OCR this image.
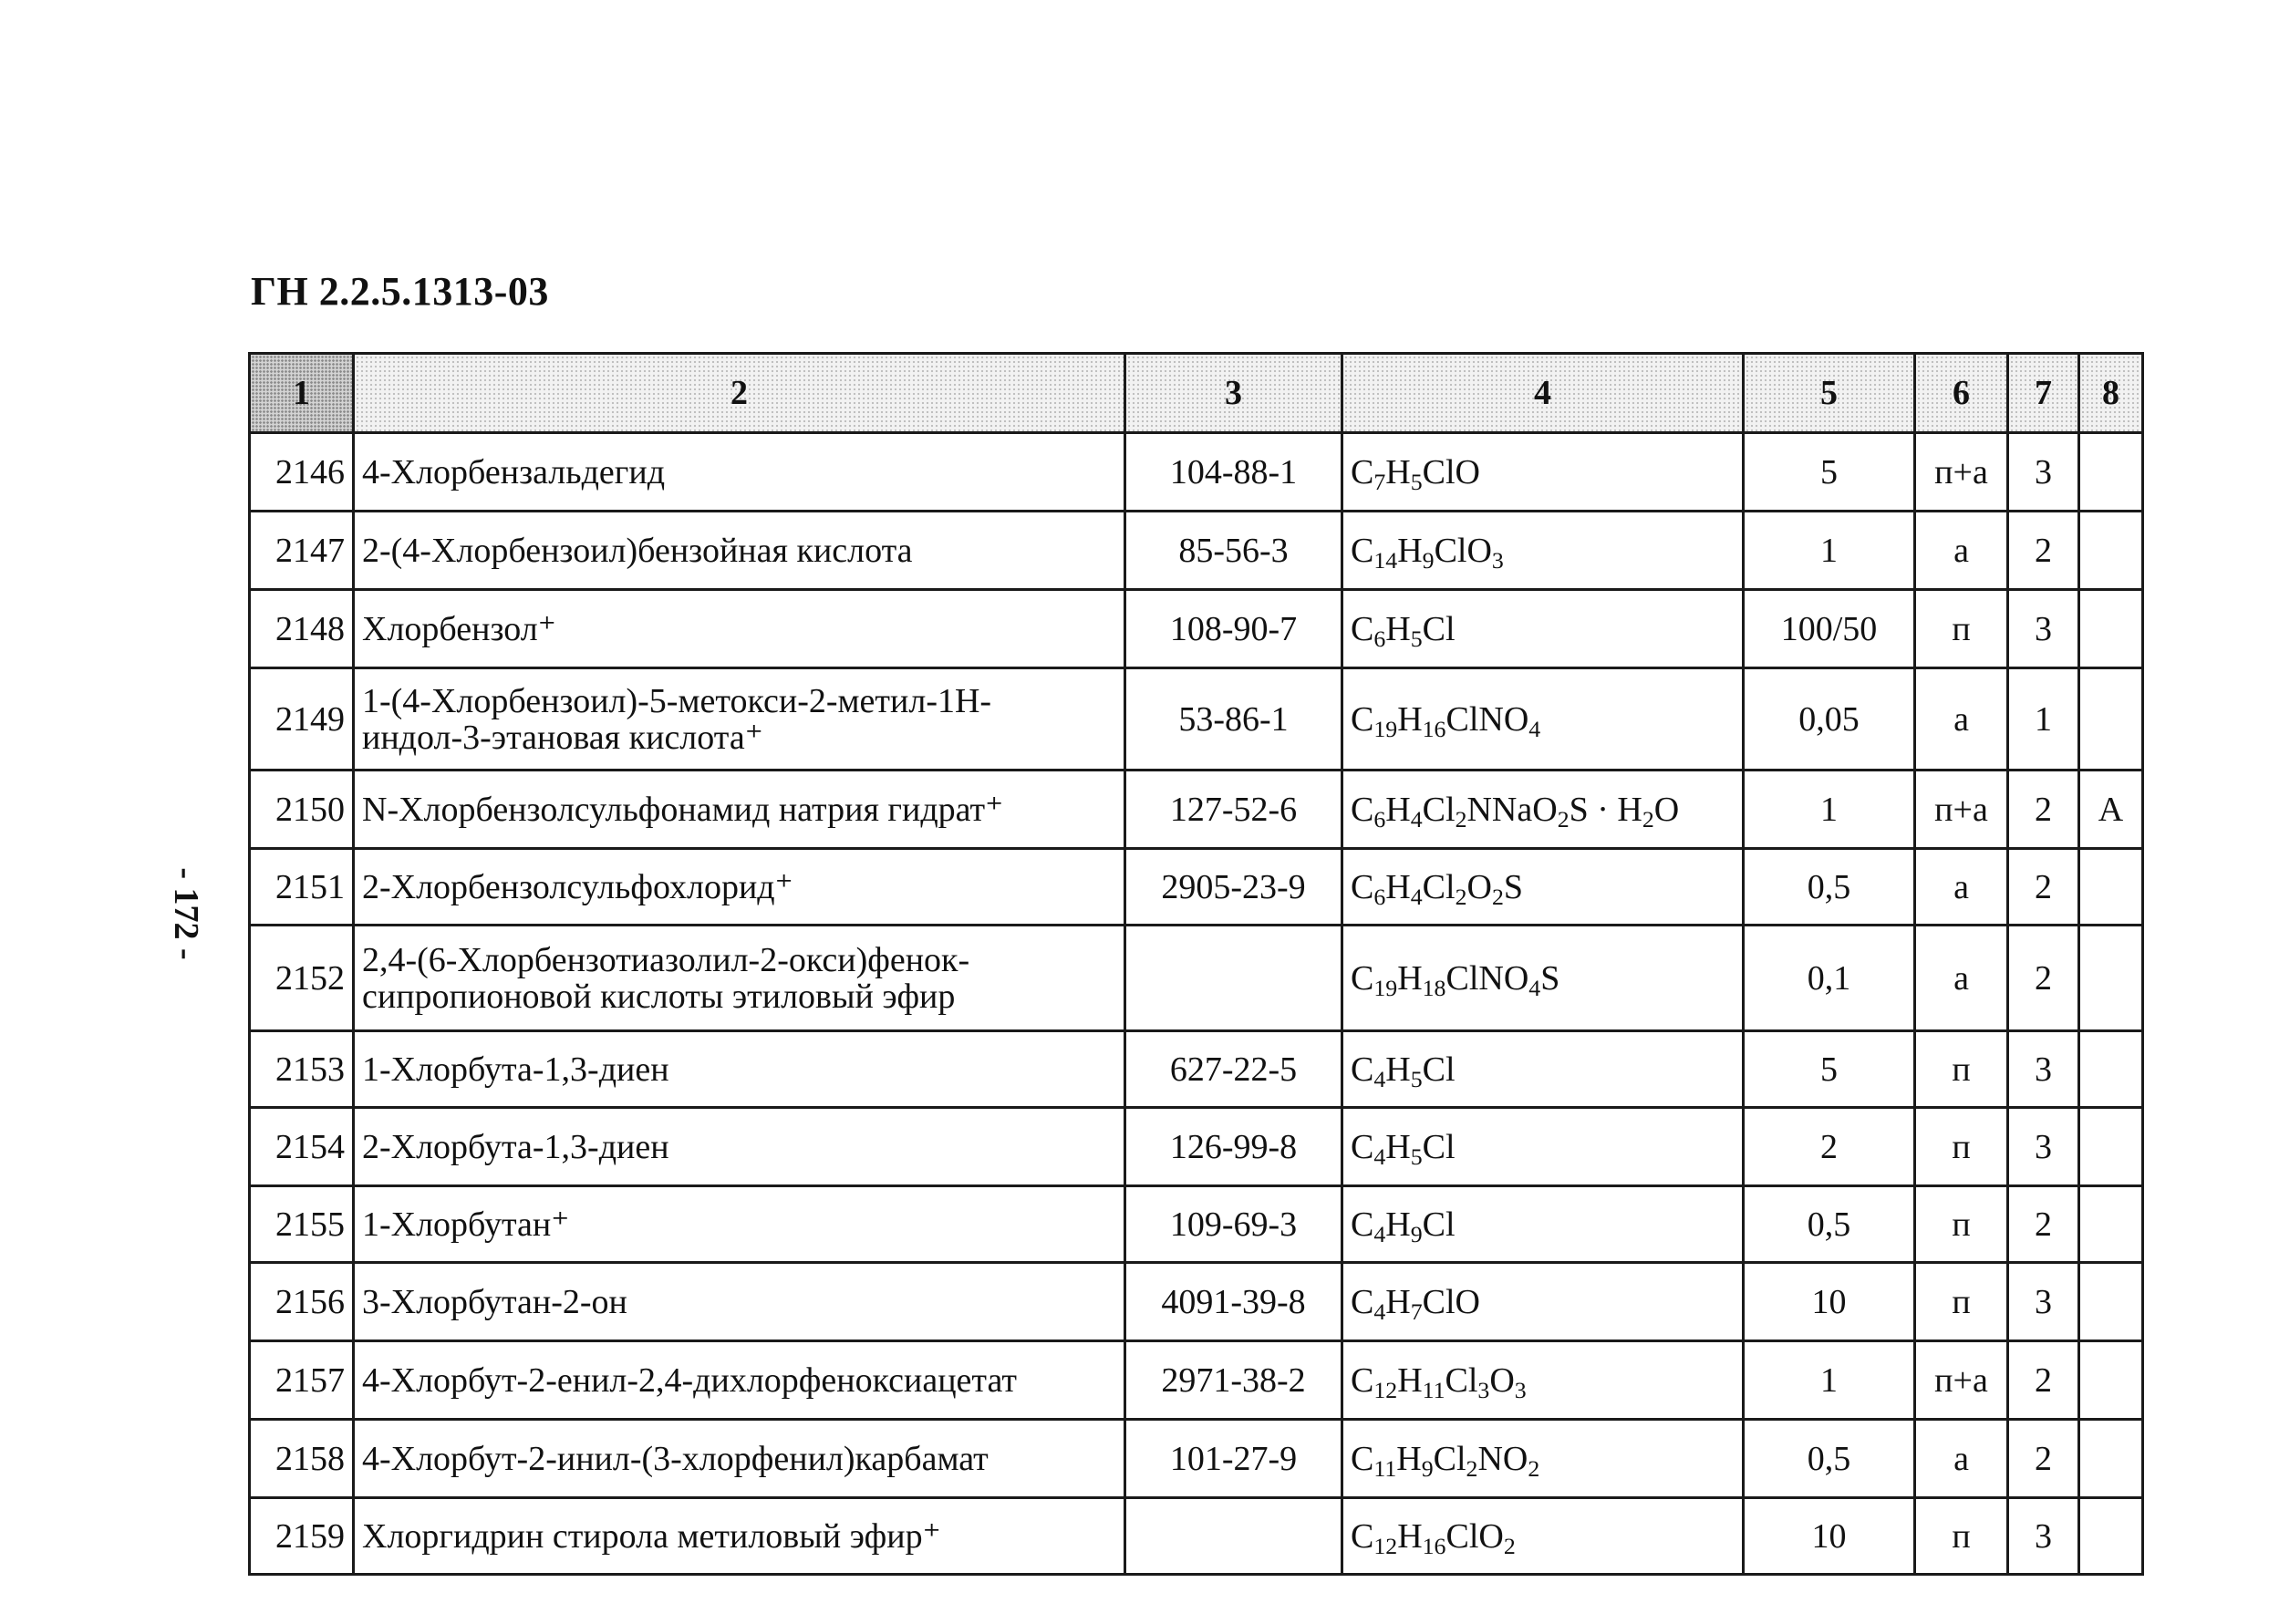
ГН 2.2.5.1313-03
- 172 -
1	2	3	4	5	6	7	8
2146	4-Хлорбензальдегид	104-88-1	$C_7H_5ClO$	5	п+а	3	
2147	2-(4-Хлорбензоил)бензойная кислота	85-56-3	$C_{14}H_9ClO_3$	1	а	2	
2148	Хлорбензол⁺	108-90-7	$C_6H_5Cl$	100/50	п	3	
2149	1-(4-Хлорбензоил)-5-метокси-2-метил-1Н-индол-3-этановая кислота⁺	53-86-1	$C_{19}H_{16}ClNO_4$	0,05	а	1	
2150	N-Хлорбензолсульфонамид натрия гидрат⁺	127-52-6	$C_6H_4Cl_2NNaO_2S \cdot H_2O$	1	п+а	2	А
2151	2-Хлорбензолсульфохлорид⁺	2905-23-9	$C_6H_4Cl_2O_2S$	0,5	а	2	
2152	2,4-(6-Хлорбензотиазолил-2-окси)фенок-сипропионовой кислоты этиловый эфир		$C_{19}H_{18}ClNO_4S$	0,1	а	2	
2153	1-Хлорбута-1,3-диен	627-22-5	$C_4H_5Cl$	5	п	3	
2154	2-Хлорбута-1,3-диен	126-99-8	$C_4H_5Cl$	2	п	3	
2155	1-Хлорбутан⁺	109-69-3	$C_4H_9Cl$	0,5	п	2	
2156	3-Хлорбутан-2-он	4091-39-8	$C_4H_7ClO$	10	п	3	
2157	4-Хлорбут-2-енил-2,4-дихлорфеноксиацетат	2971-38-2	$C_{12}H_{11}Cl_3O_3$	1	п+а	2	
2158	4-Хлорбут-2-инил-(3-хлорфенил)карбамат	101-27-9	$C_{11}H_9Cl_2NO_2$	0,5	а	2	
2159	Хлоргидрин стирола метиловый эфир⁺		$C_{12}H_{16}ClO_2$	10	п	3	
